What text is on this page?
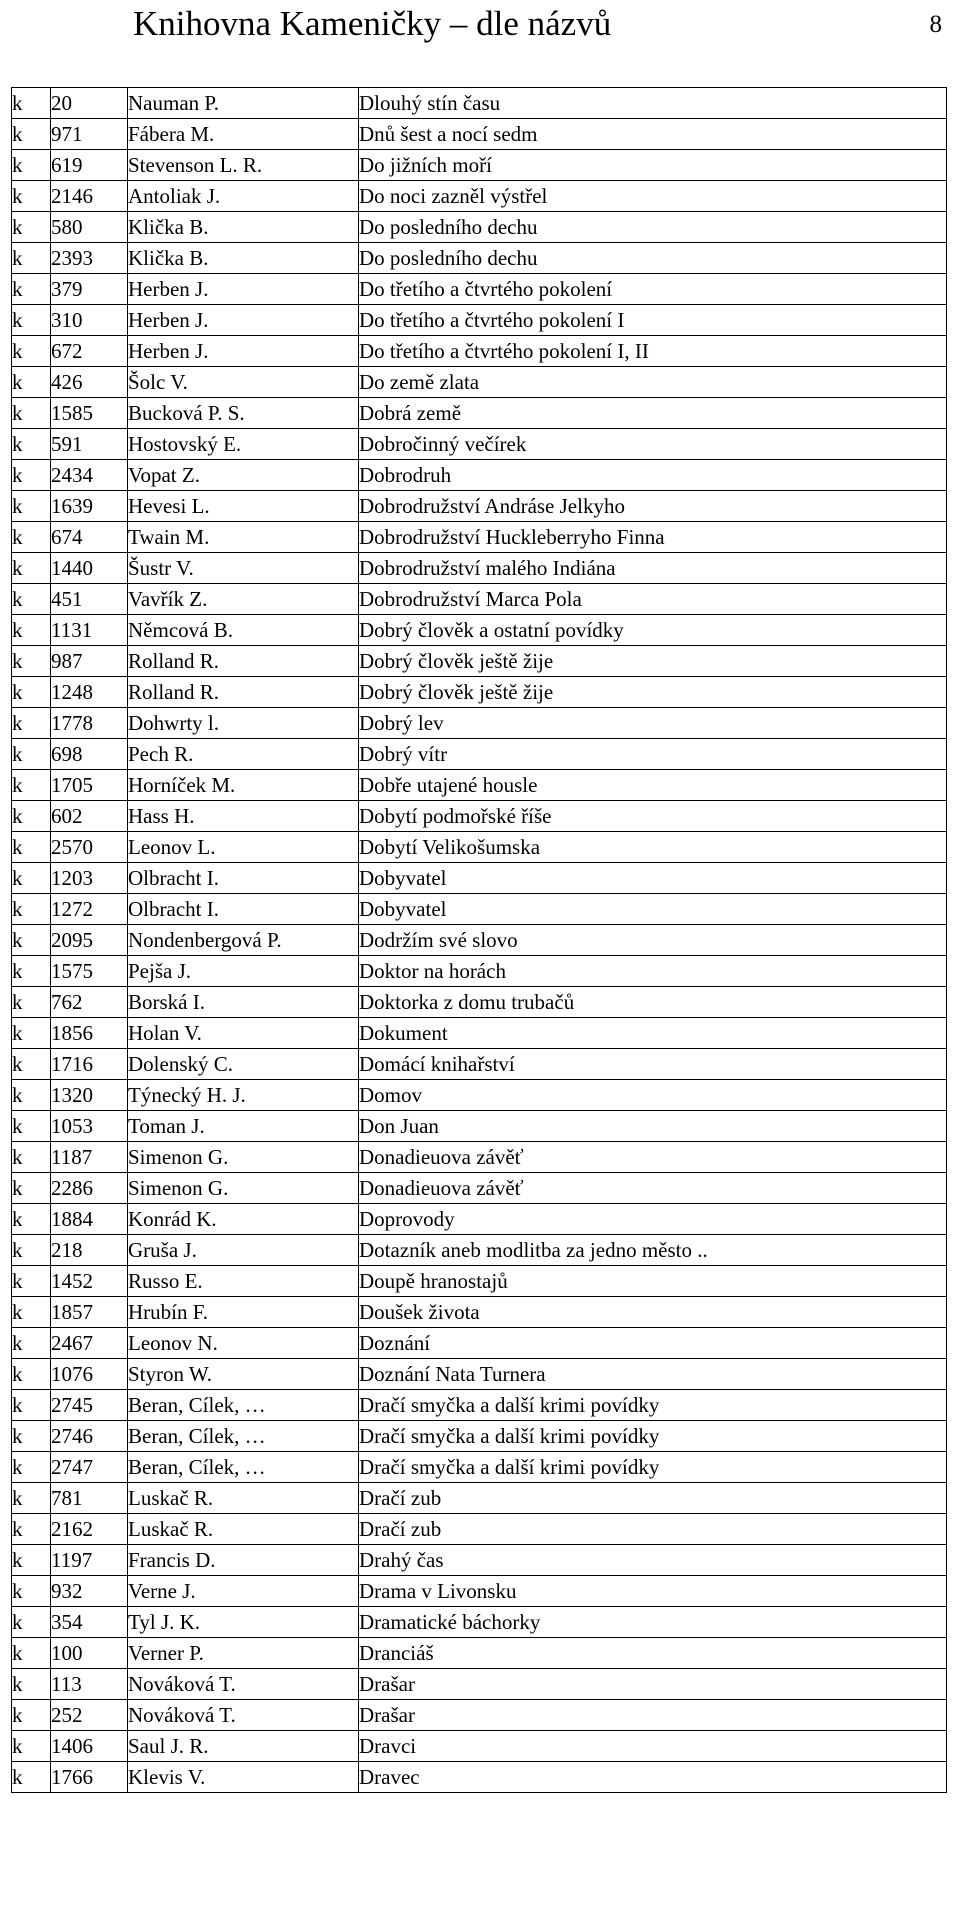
Knihovna Kameničky – dle názvů	8
k	20	Nauman P.	Dlouhý stín času
k	971	Fábera M.	Dnů šest a nocí sedm
k	619	Stevenson L. R.	Do jižních moří
k	2146	Antoliak J.	Do noci zazněl výstřel
k	580	Klička B.	Do posledního dechu
k	2393	Klička B.	Do posledního dechu
k	379	Herben J.	Do třetího a čtvrtého pokolení
k	310	Herben J.	Do třetího a čtvrtého pokolení I
k	672	Herben J.	Do třetího a čtvrtého pokolení I, II
k	426	Šolc V.	Do země zlata
k	1585	Bucková P. S.	Dobrá země
k	591	Hostovský E.	Dobročinný večírek
k	2434	Vopat Z.	Dobrodruh
k	1639	Hevesi L.	Dobrodružství Andráse Jelkyho
k	674	Twain M.	Dobrodružství Huckleberryho Finna
k	1440	Šustr V.	Dobrodružství malého Indiána
k	451	Vavřík Z.	Dobrodružství Marca Pola
k	1131	Němcová B.	Dobrý člověk a ostatní povídky
k	987	Rolland R.	Dobrý člověk ještě žije
k	1248	Rolland R.	Dobrý člověk ještě žije
k	1778	Dohwrty l.	Dobrý lev
k	698	Pech R.	Dobrý vítr
k	1705	Horníček M.	Dobře utajené housle
k	602	Hass H.	Dobytí podmořské říše
k	2570	Leonov L.	Dobytí Velikošumska
k	1203	Olbracht I.	Dobyvatel
k	1272	Olbracht I.	Dobyvatel
k	2095	Nondenbergová P.	Dodržím své slovo
k	1575	Pejša J.	Doktor na horách
k	762	Borská I.	Doktorka z domu trubačů
k	1856	Holan V.	Dokument
k	1716	Dolenský C.	Domácí knihařství
k	1320	Týnecký H. J.	Domov
k	1053	Toman J.	Don Juan
k	1187	Simenon G.	Donadieuova závěť
k	2286	Simenon G.	Donadieuova závěť
k	1884	Konrád K.	Doprovody
k	218	Gruša J.	Dotazník aneb modlitba za jedno město ..
k	1452	Russo E.	Doupě hranostajů
k	1857	Hrubín F.	Doušek života
k	2467	Leonov N.	Doznání
k	1076	Styron W.	Doznání Nata Turnera
k	2745	Beran, Cílek, …	Dračí smyčka a další krimi povídky
k	2746	Beran, Cílek, …	Dračí smyčka a další krimi povídky
k	2747	Beran, Cílek, …	Dračí smyčka a další krimi povídky
k	781	Luskač R.	Dračí zub
k	2162	Luskač R.	Dračí zub
k	1197	Francis D.	Drahý čas
k	932	Verne J.	Drama v Livonsku
k	354	Tyl J. K.	Dramatické báchorky
k	100	Verner P.	Dranciáš
k	113	Nováková T.	Drašar
k	252	Nováková T.	Drašar
k	1406	Saul J. R.	Dravci
k	1766	Klevis V.	Dravec
